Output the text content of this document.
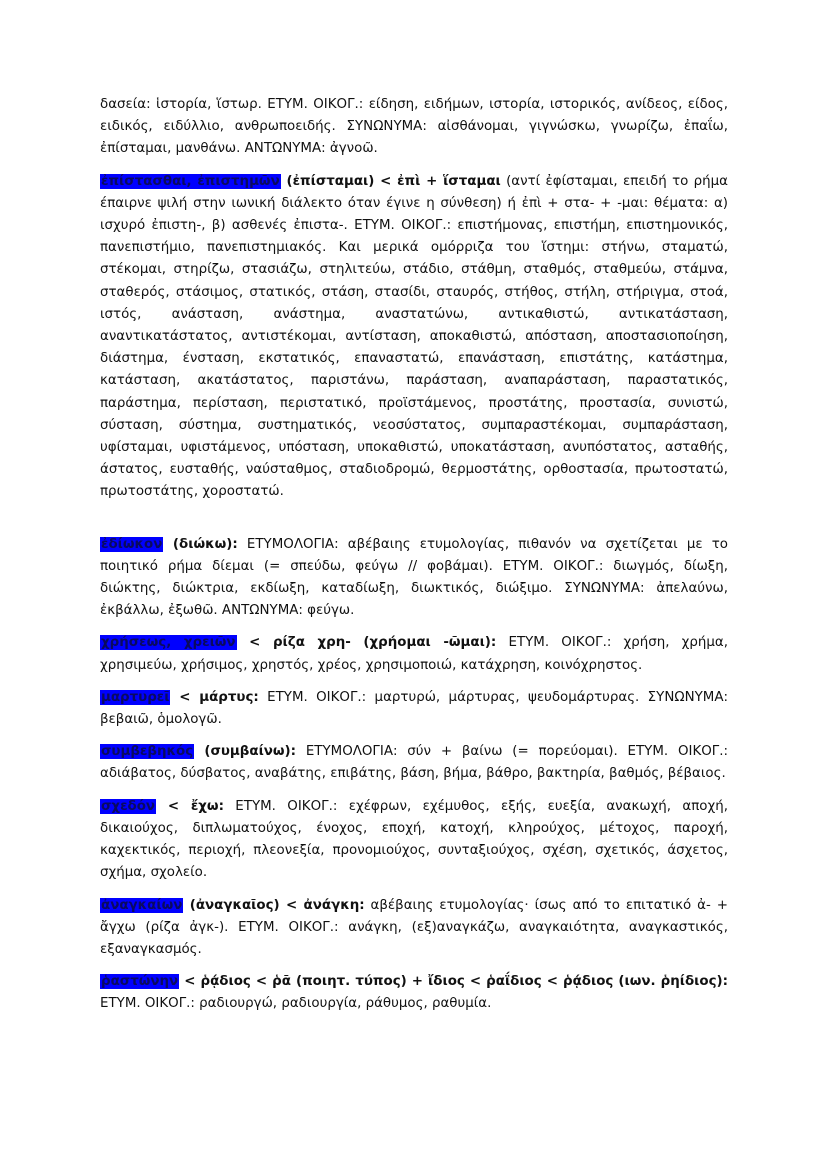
δασεία: ἱστορία, ἵστωρ. ΕΤΥΜ. ΟΙΚΟΓ.: είδηση, ειδήμων, ιστορία, ιστορικός, ανίδεος, είδος, ειδικός, ειδύλλιο, ανθρωποειδής. ΣΥΝΩΝΥΜΑ: αἰσθάνομαι, γιγνώσκω, γνωρίζω, ἐπαΐω, ἐπίσταμαι, μανθάνω. ΑΝΤΩΝΥΜΑ: ἀγνοῶ.

ἐπίστασθαι, ἐπιστημῶν (ἐπίσταμαι) < ἐπὶ + ἵσταμαι (αντί ἐφίσταμαι, επειδή το ρήμα έπαιρνε ψιλή στην ιωνική διάλεκτο όταν έγινε η σύνθεση) ή ἐπὶ + στα- + -μαι: θέματα: α) ισχυρό ἐπιστη-, β) ασθενές ἐπιστα-. ΕΤΥΜ. ΟΙΚΟΓ.: επιστήμονας, επιστήμη, επιστημονικός, πανεπιστήμιο, πανεπιστημιακός. Και μερικά ομόρριζα του ἵστημι: στήνω, σταματώ, στέκομαι, στηρίζω, στασιάζω, στηλιτεύω, στάδιο, στάθμη, σταθμός, σταθμεύω, στάμνα, σταθερός, στάσιμος, στατικός, στάση, στασίδι, σταυρός, στήθος, στήλη, στήριγμα, στοά, ιστός, ανάσταση, ανάστημα, αναστατώνω, αντικαθιστώ, αντικατάσταση, αναντικατάστατος, αντιστέκομαι, αντίσταση, αποκαθιστώ, απόσταση, αποστασιοποίηση, διάστημα, ένσταση, εκστατικός, επαναστατώ, επανάσταση, επιστάτης, κατάστημα, κατάσταση, ακατάστατος, παριστάνω, παράσταση, αναπαράσταση, παραστατικός, παράστημα, περίσταση, περιστατικό, προϊστάμενος, προστάτης, προστασία, συνιστώ, σύσταση, σύστημα, συστηματικός, νεοσύστατος, συμπαραστέκομαι, συμπαράσταση, υφίσταμαι, υφιστάμενος, υπόσταση, υποκαθιστώ, υποκατάσταση, ανυπόστατος, ασταθής, άστατος, ευσταθής, ναύσταθμος, σταδιοδρομώ, θερμοστάτης, ορθοστασία, πρωτοστατώ, πρωτοστάτης, χοροστατώ.

ἐδίωκον (διώκω): ΕΤΥΜΟΛΟΓΙΑ: αβέβαιης ετυμολογίας, πιθανόν να σχετίζεται με το ποιητικό ρήμα δίεμαι (= σπεύδω, φεύγω // φοβάμαι). ΕΤΥΜ. ΟΙΚΟΓ.: διωγμός, δίωξη, διώκτης, διώκτρια, εκδίωξη, καταδίωξη, διωκτικός, διώξιμο. ΣΥΝΩΝΥΜΑ: ἀπελαύνω, ἐκβάλλω, ἐξωθῶ. ΑΝΤΩΝΥΜΑ: φεύγω.

χρήσεως, χρειῶν < ρίζα χρη- (χρήομαι -ῶμαι): ΕΤΥΜ. ΟΙΚΟΓ.: χρήση, χρήμα, χρησιμεύω, χρήσιμος, χρηστός, χρέος, χρησιμοποιώ, κατάχρηση, κοινόχρηστος.

μαρτυρεῖ < μάρτυς: ΕΤΥΜ. ΟΙΚΟΓ.: μαρτυρώ, μάρτυρας, ψευδομάρτυρας. ΣΥΝΩΝΥΜΑ: βεβαιῶ, ὁμολογῶ.

συμβεβηκός (συμβαίνω): ΕΤΥΜΟΛΟΓΙΑ: σύν + βαίνω (= πορεύομαι). ΕΤΥΜ. ΟΙΚΟΓ.: αδιάβατος, δύσβατος, αναβάτης, επιβάτης, βάση, βήμα, βάθρο, βακτηρία, βαθμός, βέβαιος.

σχεδόν < ἔχω: ΕΤΥΜ. ΟΙΚΟΓ.: εχέφρων, εχέμυθος, εξής, ευεξία, ανακωχή, αποχή, δικαιούχος, διπλωματούχος, ένοχος, εποχή, κατοχή, κληρούχος, μέτοχος, παροχή, καχεκτικός, περιοχή, πλεονεξία, προνομιούχος, συνταξιούχος, σχέση, σχετικός, άσχετος, σχήμα, σχολείο.

ἀναγκαίων (ἀναγκαῖος) < ἀνάγκη: αβέβαιης ετυμολογίας· ίσως από το επιτατικό ἀ- + ἄγχω (ρίζα ἀγκ-). ΕΤΥΜ. ΟΙΚΟΓ.: ανάγκη, (εξ)αναγκάζω, αναγκαιότητα, αναγκαστικός, εξαναγκασμός.

ῥαστώνην < ῥᾴδιος < ῥᾶ (ποιητ. τύπος) + ἴδιος < ῥαΐδιος < ῥᾴδιος (ιων. ῥηίδιος): ΕΤΥΜ. ΟΙΚΟΓ.: ραδιουργώ, ραδιουργία, ράθυμος, ραθυμία.
